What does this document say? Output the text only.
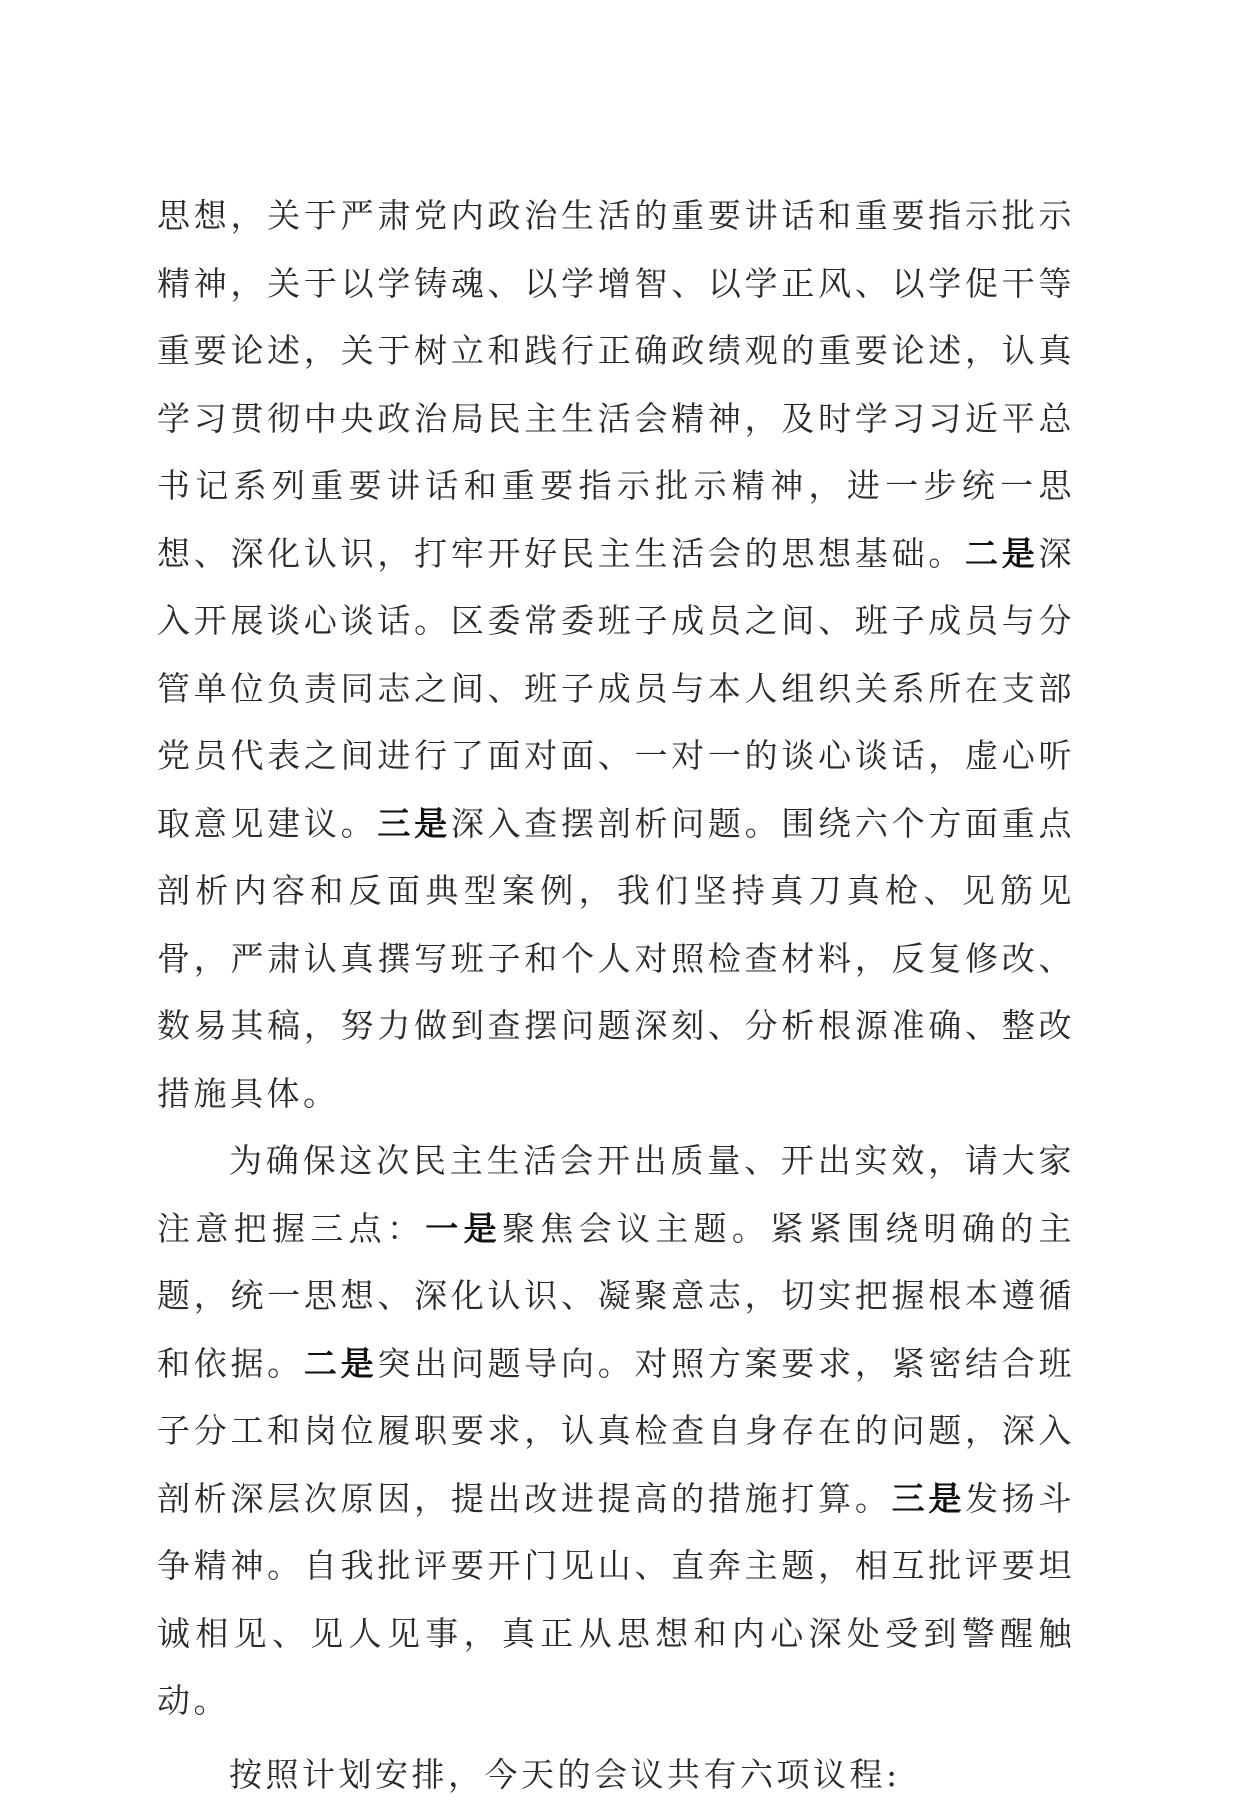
思想，关于严肃党内政治生活的重要讲话和重要指示批示精神，关于以学铸魂、以学增智、以学正风、以学促干等重要论述，关于树立和践行正确政绩观的重要论述，认真学习贯彻中央政治局民主生活会精神，及时学习习近平总书记系列重要讲话和重要指示批示精神，进一步统一思想、深化认识，打牢开好民主生活会的思想基础。二是深入开展谈心谈话。区委常委班子成员之间、班子成员与分管单位负责同志之间、班子成员与本人组织关系所在支部党员代表之间进行了面对面、一对一的谈心谈话，虚心听取意见建议。三是深入查摆剖析问题。围绕六个方面重点剖析内容和反面典型案例，我们坚持真刀真枪、见筋见骨，严肃认真撰写班子和个人对照检查材料，反复修改、数易其稿，努力做到查摆问题深刻、分析根源准确、整改措施具体。

为确保这次民主生活会开出质量、开出实效，请大家注意把握三点：一是聚焦会议主题。紧紧围绕明确的主题，统一思想、深化认识、凝聚意志，切实把握根本遵循和依据。二是突出问题导向。对照方案要求，紧密结合班子分工和岗位履职要求，认真检查自身存在的问题，深入剖析深层次原因，提出改进提高的措施打算。三是发扬斗争精神。自我批评要开门见山、直奔主题，相互批评要坦诚相见、见人见事，真正从思想和内心深处受到警醒触动。

按照计划安排，今天的会议共有六项议程:
